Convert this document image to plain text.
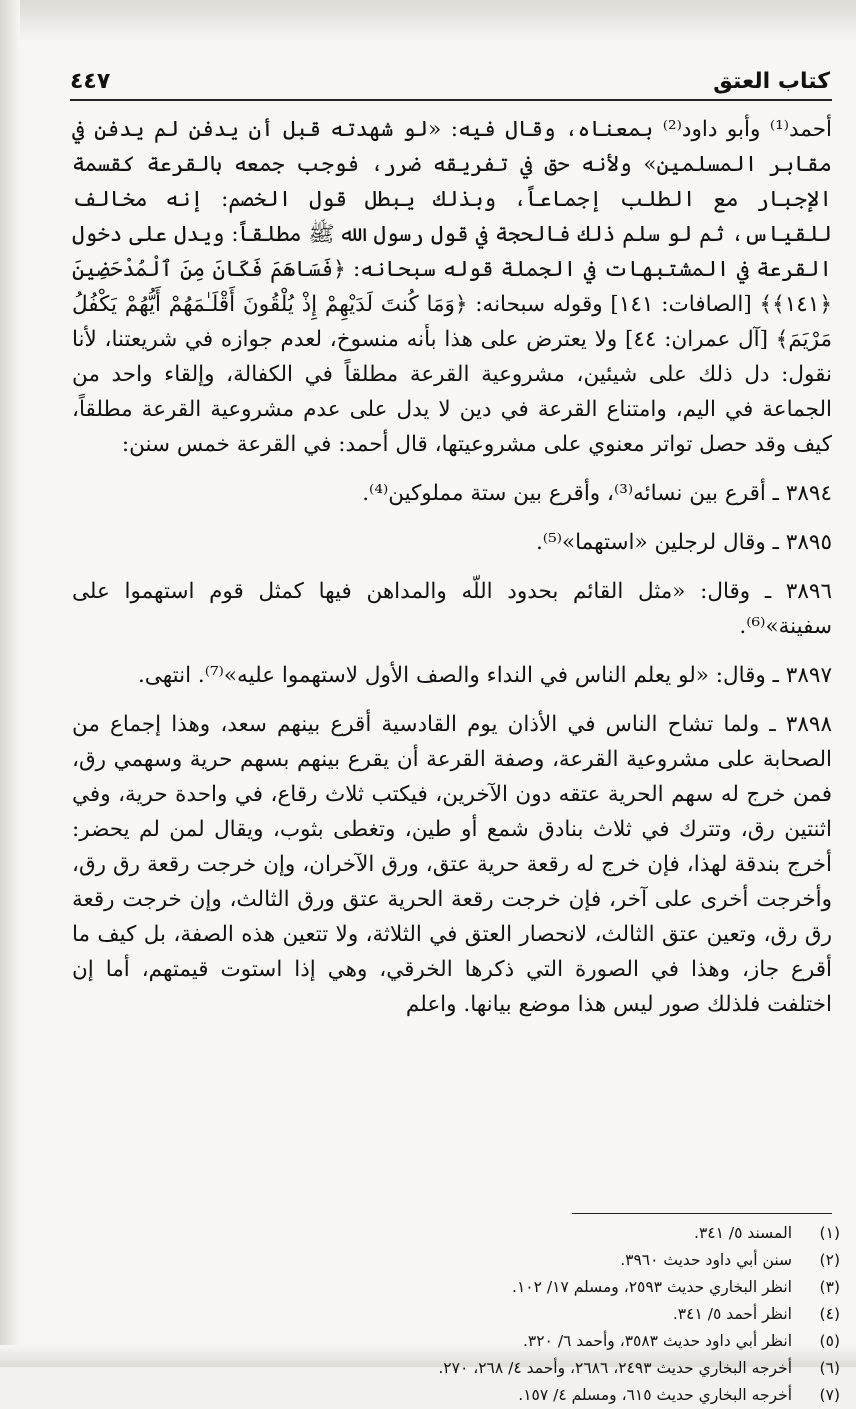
كتاب العتق
٤٤٧

أحمد⁽¹⁾ وأبو داود⁽²⁾ بمعناه، وقال فيه: «لو شهدته قبل أن يدفن لم يدفن في مقابر المسلمين» ولأنه حق في تفريقه ضرر، فوجب جمعه بالقرعة كقسمة الإجبار مع الطلب إجماعاً، وبذلك يبطل قول الخصم: إنه مخالف للقياس، ثم لو سلم ذلك فالحجة في قول رسول الله ﷺ مطلقاً: ويدل على دخول القرعة في المشتبهات في الجملة قوله سبحانه: ﴿فَسَاهَمَ فَكَانَ مِنَ ٱلْمُدْحَضِينَ ﴿١٤١﴾﴾ [الصافات: ١٤١] وقوله سبحانه: ﴿وَمَا كُنتَ لَدَيْهِمْ إِذْ يُلْقُونَ أَقْلَـٰمَهُمْ أَيُّهُمْ يَكْفُلُ مَرْيَمَ﴾ [آل عمران: ٤٤] ولا يعترض على هذا بأنه منسوخ، لعدم جوازه في شريعتنا، لأنا نقول: دل ذلك على شيئين، مشروعية القرعة مطلقاً في الكفالة، وإلقاء واحد من الجماعة في اليم، وامتناع القرعة في دين لا يدل على عدم مشروعية القرعة مطلقاً، كيف وقد حصل تواتر معنوي على مشروعيتها، قال أحمد: في القرعة خمس سنن:

٣٨٩٤ ـ أقرع بين نسائه⁽³⁾، وأقرع بين ستة مملوكين⁽⁴⁾.

٣٨٩٥ ـ وقال لرجلين «استهما»⁽⁵⁾.

٣٨٩٦ ـ وقال: «مثل القائم بحدود اللّه والمداهن فيها كمثل قوم استهموا على سفينة»⁽⁶⁾.

٣٨٩٧ ـ وقال: «لو يعلم الناس في النداء والصف الأول لاستهموا عليه»⁽⁷⁾. انتهى.

٣٨٩٨ ـ ولما تشاح الناس في الأذان يوم القادسية أقرع بينهم سعد، وهذا إجماع من الصحابة على مشروعية القرعة، وصفة القرعة أن يقرع بينهم بسهم حرية وسهمي رق، فمن خرج له سهم الحرية عتقه دون الآخرين، فيكتب ثلاث رقاع، في واحدة حرية، وفي اثنتين رق، وتترك في ثلاث بنادق شمع أو طين، وتغطى بثوب، ويقال لمن لم يحضر: أخرج بندقة لهذا، فإن خرج له رقعة حرية عتق، ورق الآخران، وإن خرجت رقعة رق رق، وأخرجت أخرى على آخر، فإن خرجت رقعة الحرية عتق ورق الثالث، وإن خرجت رقعة رق رق، وتعين عتق الثالث، لانحصار العتق في الثلاثة، ولا تتعين هذه الصفة، بل كيف ما أقرع جاز، وهذا في الصورة التي ذكرها الخرقي، وهي إذا استوت قيمتهم، أما إن اختلفت فلذلك صور ليس هذا موضع بيانها. واعلم

(١)
المسند ٥/ ٣٤١.
(٢)
سنن أبي داود حديث ٣٩٦٠.
(٣)
انظر البخاري حديث ٢٥٩٣، ومسلم ١٧/ ١٠٢.
(٤)
انظر أحمد ٥/ ٣٤١.
(٥)
انظر أبي داود حديث ٣٥٨٣، وأحمد ٦/ ٣٢٠.
(٦)
أخرجه البخاري حديث ٢٤٩٣، ٢٦٨٦، وأحمد ٤/ ٢٦٨، ٢٧٠.
(٧)
أخرجه البخاري حديث ٦١٥، ومسلم ٤/ ١٥٧.
